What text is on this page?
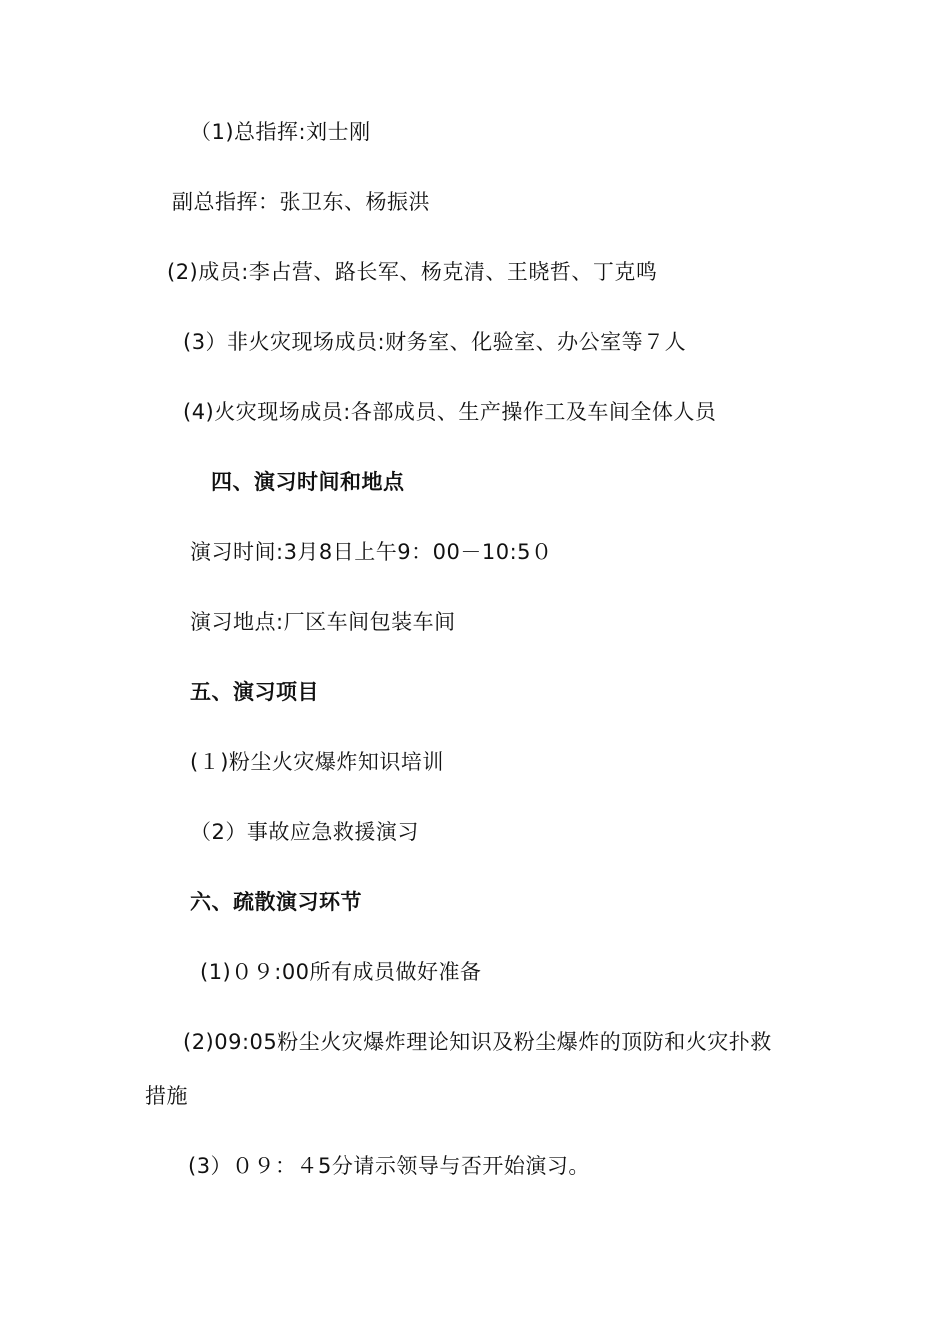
（1)总指挥:刘士刚
副总指挥：张卫东、杨振洪
(2)成员:李占营、路长军、杨克清、王晓哲、丁克鸣
(3）非火灾现场成员:财务室、化验室、办公室等７人
(4)火灾现场成员:各部成员、生产操作工及车间全体人员
四、演习时间和地点
演习时间:3月8日上午9：00－10:5０
演习地点:厂区车间包装车间
五、演习项目
(１)粉尘火灾爆炸知识培训
（2）事故应急救援演习
六、疏散演习环节
(1)０９:00所有成员做好准备
(2)09:05粉尘火灾爆炸理论知识及粉尘爆炸的顶防和火灾扑救
措施
(3）０９：４5分请示领导与否开始演习。
